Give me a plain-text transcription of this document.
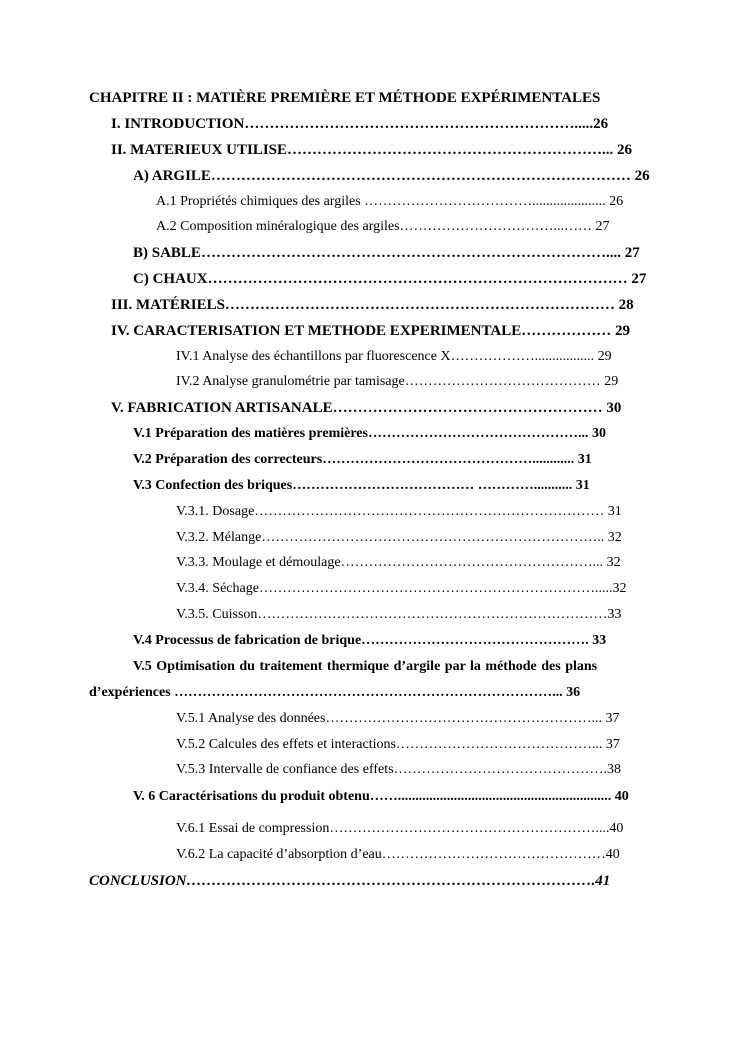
CHAPITRE II : MATIÈRE PREMIÈRE ET MÉTHODE EXPÉRIMENTALES
I. INTRODUCTION………………………………………………………….....26
II. MATERIEUX UTILISE………………………………………………………... 26
A) ARGILE………………………………………………………………………… 26
A.1 Propriétés chimiques des argiles ………………………………..................... 26
A.2 Composition minéralogique des argiles……………………………...…… 27
B) SABLE……………………………………………………………………….... 27
C) CHAUX………………………………………………………………………… 27
III. MATÉRIELS…………………………………………………………………… 28
IV. CARACTERISATION ET METHODE EXPERIMENTALE……………… 29
IV.1 Analyse des échantillons par fluorescence X………………................. 29
IV.2 Analyse granulométrie par tamisage…………………………………… 29
V. FABRICATION ARTISANALE……………………………………………… 30
V.1 Préparation des matières premières………………………………………... 30
V.2 Préparation des correcteurs………………………………………............ 31
V.3 Confection des briques………………………………… …………........... 31
V.3.1. Dosage………………………………………………………………… 31
V.3.2. Mélange……………………………………………………………….. 32
V.3.3. Moulage et démoulage………………………………………………... 32
V.3.4. Séchage……………………………………………………………….....32
V.3.5. Cuisson…………………………………………………………………33
V.4 Processus de fabrication de brique…………………………………………. 33
V.5 Optimisation du traitement thermique d’argile par la méthode des plans
d’expériences ………………………………………………………………………... 36
V.5.1 Analyse des données…………………………………………………... 37
V.5.2 Calcules des effets et interactions……………………………………... 37
V.5.3 Intervalle de confiance des effets……………………………………….38
V. 6 Caractérisations du produit obtenu……............................................................. 40
V.6.1 Essai de compression…………………………………………………....40
V.6.2 La capacité d’absorption d’eau…………………………………………40
CONCLUSION……………………………………………………………………….41
